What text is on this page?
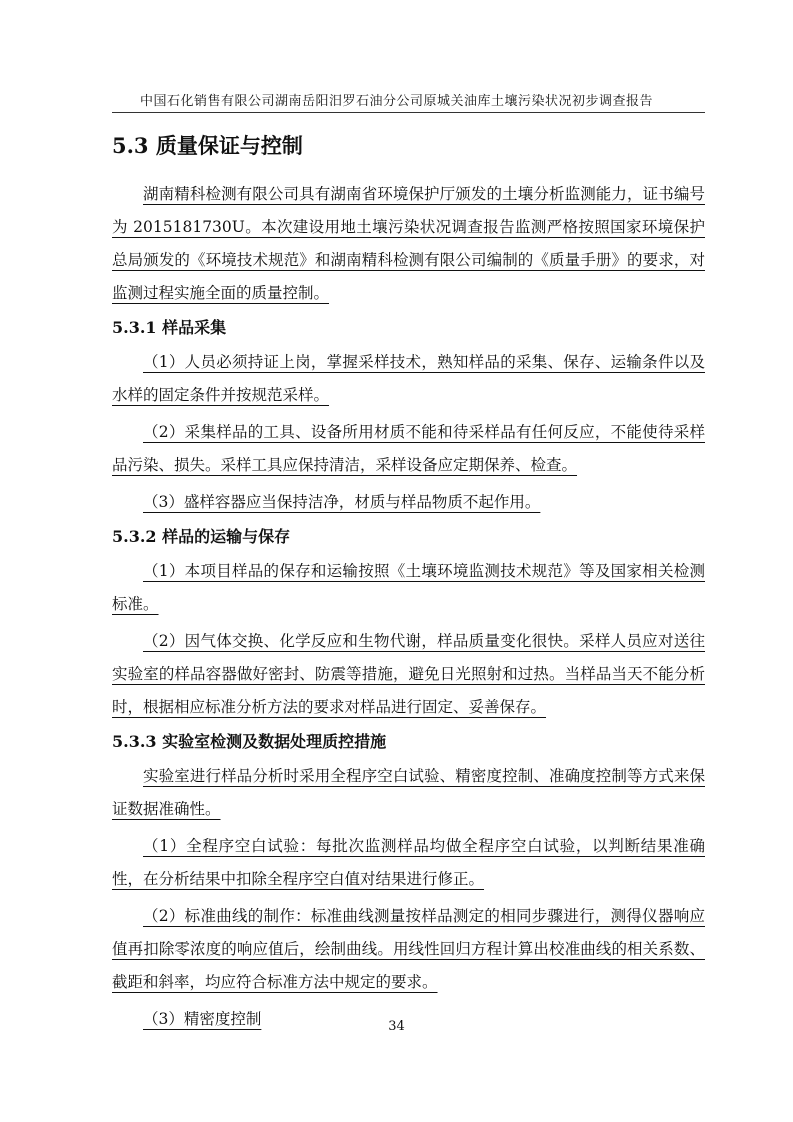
中国石化销售有限公司湖南岳阳汨罗石油分公司原城关油库土壤污染状况初步调查报告
5.3 质量保证与控制

湖南精科检测有限公司具有湖南省环境保护厅颁发的土壤分析监测能力，证书编号为 2015181730U。本次建设用地土壤污染状况调查报告监测严格按照国家环境保护总局颁发的《环境技术规范》和湖南精科检测有限公司编制的《质量手册》的要求，对监测过程实施全面的质量控制。

5.3.1 样品采集

（1）人员必须持证上岗，掌握采样技术，熟知样品的采集、保存、运输条件以及水样的固定条件并按规范采样。

（2）采集样品的工具、设备所用材质不能和待采样品有任何反应，不能使待采样品污染、损失。采样工具应保持清洁，采样设备应定期保养、检查。

（3）盛样容器应当保持洁净，材质与样品物质不起作用。

5.3.2 样品的运输与保存

（1）本项目样品的保存和运输按照《土壤环境监测技术规范》等及国家相关检测标准。

（2）因气体交换、化学反应和生物代谢，样品质量变化很快。采样人员应对送往实验室的样品容器做好密封、防震等措施，避免日光照射和过热。当样品当天不能分析时，根据相应标准分析方法的要求对样品进行固定、妥善保存。

5.3.3 实验室检测及数据处理质控措施

实验室进行样品分析时采用全程序空白试验、精密度控制、准确度控制等方式来保证数据准确性。

（1）全程序空白试验：每批次监测样品均做全程序空白试验，以判断结果准确性，在分析结果中扣除全程序空白值对结果进行修正。

（2）标准曲线的制作：标准曲线测量按样品测定的相同步骤进行，测得仪器响应值再扣除零浓度的响应值后，绘制曲线。用线性回归方程计算出校准曲线的相关系数、截距和斜率，均应符合标准方法中规定的要求。

（3）精密度控制	34
